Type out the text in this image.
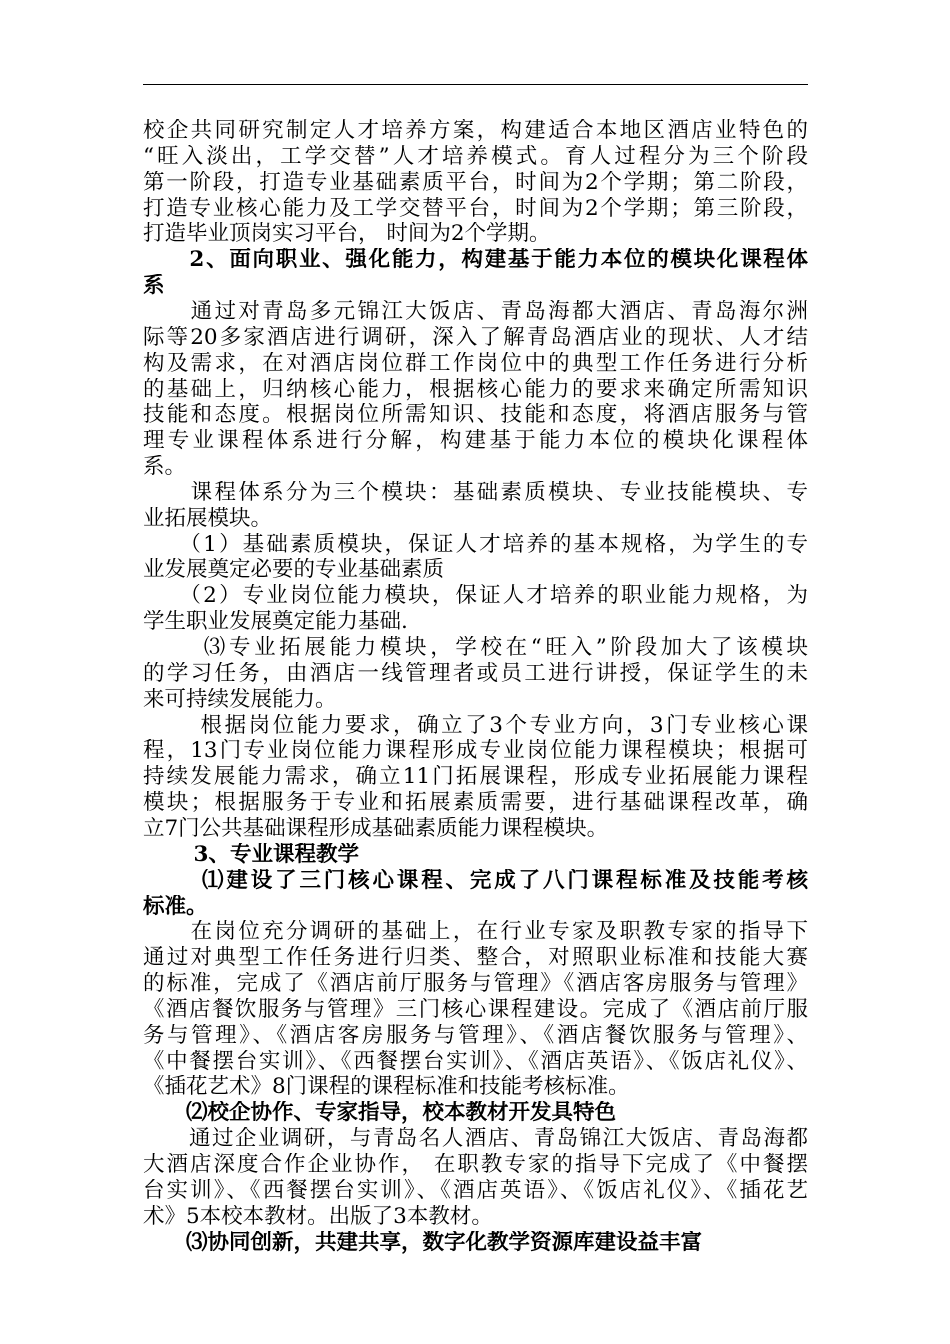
校企共同研究制定人才培养方案，构建适合本地区酒店业特色的
“旺入淡出，工学交替”人才培养模式。育人过程分为三个阶段
第一阶段，打造专业基础素质平台，时间为2个学期；第二阶段，
打造专业核心能力及工学交替平台，时间为2个学期；第三阶段，
打造毕业顶岗实习平台， 时间为2个学期。
　　2、面向职业、强化能力，构建基于能力本位的模块化课程体
系
　　通过对青岛多元锦江大饭店、青岛海都大酒店、青岛海尔洲
际等20多家酒店进行调研，深入了解青岛酒店业的现状、人才结
构及需求，在对酒店岗位群工作岗位中的典型工作任务进行分析
的基础上，归纳核心能力，根据核心能力的要求来确定所需知识
技能和态度。根据岗位所需知识、技能和态度，将酒店服务与管
理专业课程体系进行分解，构建基于能力本位的模块化课程体
系。
　　课程体系分为三个模块：基础素质模块、专业技能模块、专
业拓展模块。
　　（1）基础素质模块，保证人才培养的基本规格，为学生的专
业发展奠定必要的专业基础素质
　　（2）专业岗位能力模块，保证人才培养的职业能力规格，为
学生职业发展奠定能力基础.
　　 ⑶专业拓展能力模块，学校在“旺入”阶段加大了该模块
的学习任务，由酒店一线管理者或员工进行讲授，保证学生的未
来可持续发展能力。
　　 根据岗位能力要求，确立了3个专业方向，3门专业核心课
程，13门专业岗位能力课程形成专业岗位能力课程模块；根据可
持续发展能力需求，确立11门拓展课程，形成专业拓展能力课程
模块；根据服务于专业和拓展素质需要，进行基础课程改革，确
立7门公共基础课程形成基础素质能力课程模块。
　　 3、专业课程教学
　　 ⑴建设了三门核心课程、完成了八门课程标准及技能考核
标准。
　　在岗位充分调研的基础上，在行业专家及职教专家的指导下
通过对典型工作任务进行归类、整合，对照职业标准和技能大赛
的标准，完成了《酒店前厅服务与管理》《酒店客房服务与管理》
《酒店餐饮服务与管理》三门核心课程建设。完成了《酒店前厅服
务与管理》、《酒店客房服务与管理》、《酒店餐饮服务与管理》、
《中餐摆台实训》、《西餐摆台实训》、《酒店英语》、《饭店礼仪》、
《插花艺术》8门课程的课程标准和技能考核标准。
　　⑵校企协作、专家指导，校本教材开发具特色
　　通过企业调研，与青岛名人酒店、青岛锦江大饭店、青岛海都
大酒店深度合作企业协作， 在职教专家的指导下完成了《中餐摆
台实训》、《西餐摆台实训》、《酒店英语》、《饭店礼仪》、《插花艺
术》5本校本教材。出版了3本教材。
　　⑶协同创新，共建共享，数字化教学资源库建设益丰富
